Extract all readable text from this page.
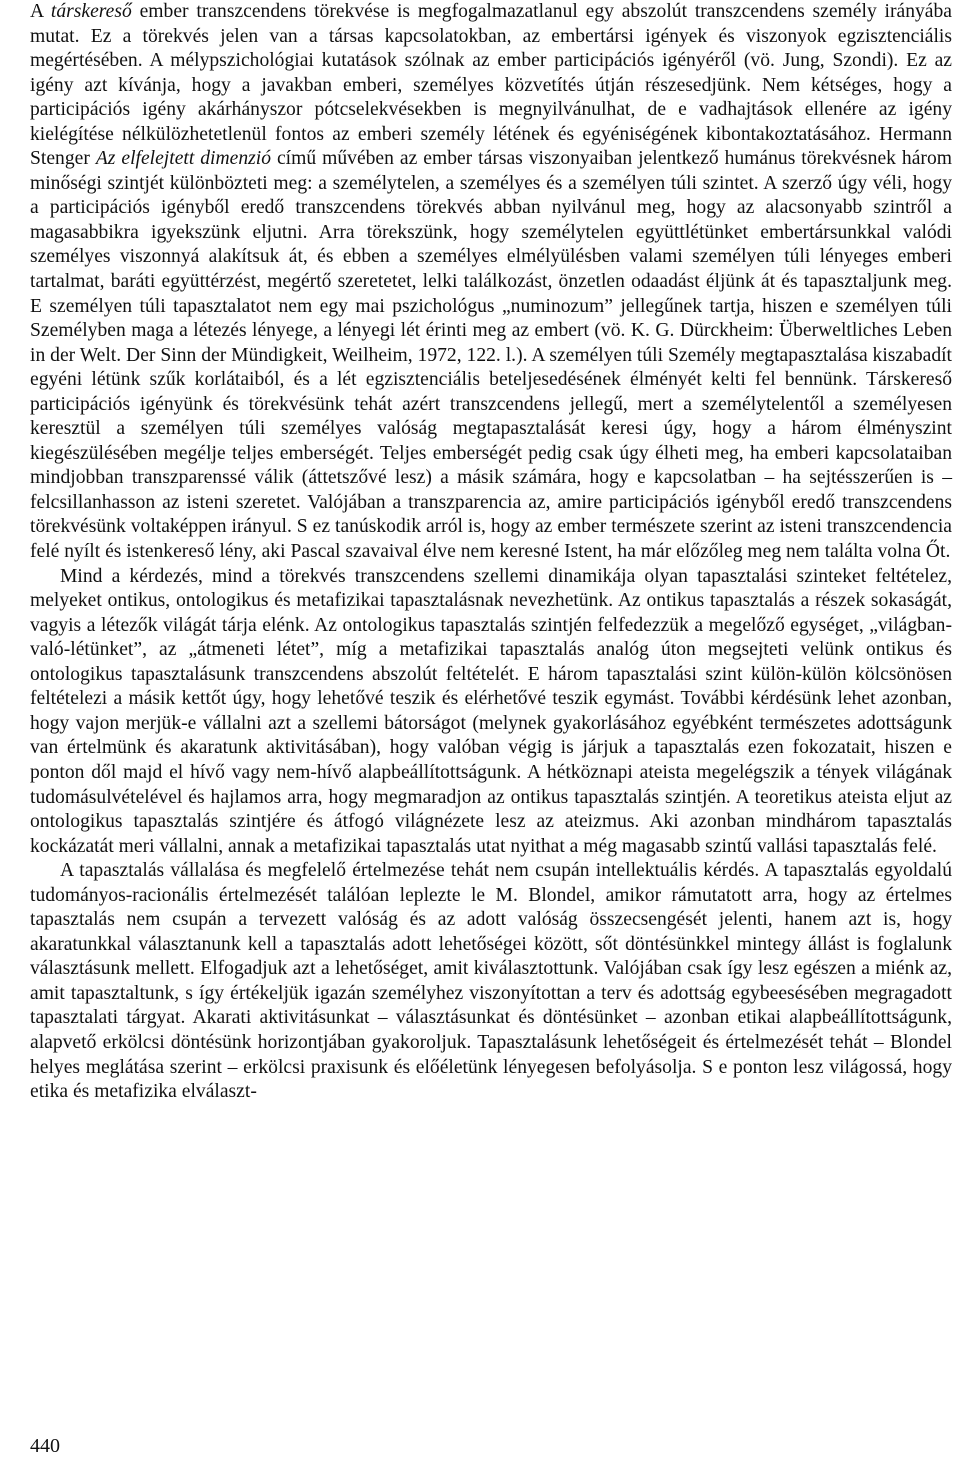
A társkereső ember transzcendens törekvése is megfogalmazatlanul egy abszolút transzcendens személy irányába mutat. Ez a törekvés jelen van a társas kapcsolatokban, az embertársi igények és viszonyok egzisztenciális megértésében. A mélypszichológiai kutatások szólnak az ember participációs igényéről (vö. Jung, Szondi). Ez az igény azt kívánja, hogy a javakban emberi, személyes közvetítés útján részesedjünk. Nem kétséges, hogy a participációs igény akárhányszor pótcselekvésekben is megnyilvánulhat, de e vadhajtások ellenére az igény kielégítése nélkülözhetetlenül fontos az emberi személy létének és egyéniségének kibontakoztatásához. Hermann Stenger Az elfelejtett dimenzió című művében az ember társas viszonyaiban jelentkező humánus törekvésnek három minőségi szintjét különbözteti meg: a személytelen, a személyes és a személyen túli szintet. A szerző úgy véli, hogy a participációs igényből eredő transzcendens törekvés abban nyilvánul meg, hogy az alacsonyabb szintről a magasabbikra igyekszünk eljutni. Arra törekszünk, hogy személytelen együttlétünket embertársunkkal valódi személyes viszonnyá alakítsuk át, és ebben a személyes elmélyülésben valami személyen túli lényeges emberi tartalmat, baráti együttérzést, megértő szeretetet, lelki találkozást, önzetlen odaadást éljünk át és tapasztaljunk meg. E személyen túli tapasztalatot nem egy mai pszichológus „numinozum” jellegűnek tartja, hiszen e személyen túli Személyben maga a létezés lényege, a lényegi lét érinti meg az embert (vö. K. G. Dürckheim: Überweltliches Leben in der Welt. Der Sinn der Mündigkeit, Weilheim, 1972, 122. l.). A személyen túli Személy megtapasztalása kiszabadít egyéni létünk szűk korlátaiból, és a lét egzisztenciális beteljesedésének élményét kelti fel bennünk. Társkereső participációs igényünk és törekvésünk tehát azért transzcendens jellegű, mert a személytelentől a személyesen keresztül a személyen túli személyes valóság megtapasztalását keresi úgy, hogy a három élményszint kiegészülésében megélje teljes emberségét. Teljes emberségét pedig csak úgy élheti meg, ha emberi kapcsolataiban mindjobban transzparenssé válik (áttetszővé lesz) a másik számára, hogy e kapcsolatban – ha sejtésszerűen is – felcsillanhasson az isteni szeretet. Valójában a transzparencia az, amire participációs igényből eredő transzcendens törekvésünk voltaképpen irányul. S ez tanúskodik arról is, hogy az ember természete szerint az isteni transzcendencia felé nyílt és istenkereső lény, aki Pascal szavaival élve nem keresné Istent, ha már előzőleg meg nem találta volna Őt.

Mind a kérdezés, mind a törekvés transzcendens szellemi dinamikája olyan tapasztalási szinteket feltételez, melyeket ontikus, ontologikus és metafizikai tapasztalásnak nevezhetünk. Az ontikus tapasztalás a részek sokaságát, vagyis a létezők világát tárja elénk. Az ontologikus tapasztalás szintjén felfedezzük a megelőző egységet, „világban-való-létünket”, az „átmeneti létet”, míg a metafizikai tapasztalás analóg úton megsejteti velünk ontikus és ontologikus tapasztalásunk transzcendens abszolút feltételét. E három tapasztalási szint külön-külön kölcsönösen feltételezi a másik kettőt úgy, hogy lehetővé teszik és elérhetővé teszik egymást. További kérdésünk lehet azonban, hogy vajon merjük-e vállalni azt a szellemi bátorságot (melynek gyakorlásához egyébként természetes adottságunk van értelmünk és akaratunk aktivitásában), hogy valóban végig is járjuk a tapasztalás ezen fokozatait, hiszen e ponton dől majd el hívő vagy nem-hívő alapbeállítottságunk. A hétköznapi ateista megelégszik a tények világának tudomásulvételével és hajlamos arra, hogy megmaradjon az ontikus tapasztalás szintjén. A teoretikus ateista eljut az ontologikus tapasztalás szintjére és átfogó világnézete lesz az ateizmus. Aki azonban mindhárom tapasztalás kockázatát meri vállalni, annak a metafizikai tapasztalás utat nyithat a még magasabb szintű vallási tapasztalás felé.

A tapasztalás vállalása és megfelelő értelmezése tehát nem csupán intellektuális kérdés. A tapasztalás egyoldalú tudományos-racionális értelmezését találóan leplezte le M. Blondel, amikor rámutatott arra, hogy az értelmes tapasztalás nem csupán a tervezett valóság és az adott valóság összecsengését jelenti, hanem azt is, hogy akaratunkkal választanunk kell a tapasztalás adott lehetőségei között, sőt döntésünkkel mintegy állást is foglalunk választásunk mellett. Elfogadjuk azt a lehetőséget, amit kiválasztottunk. Valójában csak így lesz egészen a miénk az, amit tapasztaltunk, s így értékeljük igazán személyhez viszonyítottan a terv és adottság egybeesésében megragadott tapasztalati tárgyat. Akarati aktivitásunkat – választásunkat és döntésünket – azonban etikai alapbeállítottságunk, alapvető erkölcsi döntésünk horizontjában gyakoroljuk. Tapasztalásunk lehetőségeit és értelmezését tehát – Blondel helyes meglátása szerint – erkölcsi praxisunk és előéletünk lényegesen befolyásolja. S e ponton lesz világossá, hogy etika és metafizika elválaszt-

440
